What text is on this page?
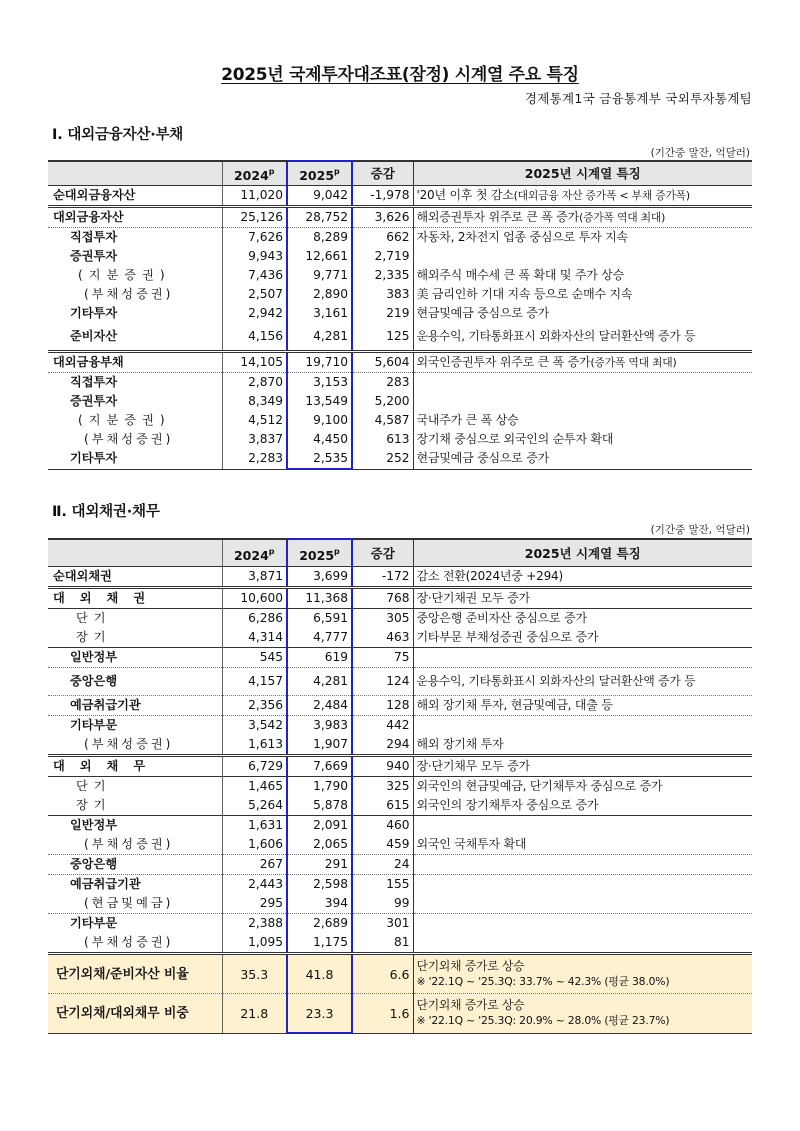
2025년 국제투자대조표(잠정) 시계열 주요 특징
경제통계1국 금융통계부 국외투자통계팀
Ⅰ. 대외금융자산·부채
(기간중 말잔, 억달러)
	2024$^p$	2025$^p$	증감	2025년 시계열 특징
순대외금융자산	11,020	9,042	-1,978	'20년 이후 첫 감소(대외금융 자산 증가폭 < 부채 증가폭)
대외금융자산	25,126	28,752	3,626	해외증권투자 위주로 큰 폭 증가(증가폭 역대 최대)
직접투자	7,626	8,289	662	자동차, 2차전지 업종 중심으로 투자 지속
증권투자	9,943	12,661	2,719	
(지분증권)	7,436	9,771	2,335	해외주식 매수세 큰 폭 확대 및 주가 상승
(부채성증권)	2,507	2,890	383	美 금리인하 기대 지속 등으로 순매수 지속
기타투자	2,942	3,161	219	현금및예금 중심으로 증가
준비자산	4,156	4,281	125	운용수익, 기타통화표시 외화자산의 달러환산액 증가 등
대외금융부채	14,105	19,710	5,604	외국인증권투자 위주로 큰 폭 증가(증가폭 역대 최대)
직접투자	2,870	3,153	283	
증권투자	8,349	13,549	5,200	
(지분증권)	4,512	9,100	4,587	국내주가 큰 폭 상승
(부채성증권)	3,837	4,450	613	장기채 중심으로 외국인의 순투자 확대
기타투자	2,283	2,535	252	현금및예금 중심으로 증가
Ⅱ. 대외채권·채무
(기간중 말잔, 억달러)
	2024$^p$	2025$^p$	증감	2025년 시계열 특징
순대외채권	3,871	3,699	-172	감소 전환(2024년중 +294)
대외채권	10,600	11,368	768	장·단기채권 모두 증가
단기	6,286	6,591	305	중앙은행 준비자산 중심으로 증가
장기	4,314	4,777	463	기타부문 부채성증권 중심으로 증가
일반정부	545	619	75	
중앙은행	4,157	4,281	124	운용수익, 기타통화표시 외화자산의 달러환산액 증가 등
예금취급기관	2,356	2,484	128	해외 장기채 투자, 현금및예금, 대출 등
기타부문	3,542	3,983	442	
(부채성증권)	1,613	1,907	294	해외 장기채 투자
대외채무	6,729	7,669	940	장·단기채무 모두 증가
단기	1,465	1,790	325	외국인의 현금및예금, 단기채투자 중심으로 증가
장기	5,264	5,878	615	외국인의 장기채투자 중심으로 증가
일반정부	1,631	2,091	460	
(부채성증권)	1,606	2,065	459	외국인 국채투자 확대
중앙은행	267	291	24	
예금취급기관	2,443	2,598	155	
(현금및예금)	295	394	99	
기타부문	2,388	2,689	301	
(부채성증권)	1,095	1,175	81	
단기외채/준비자산 비율	35.3	41.8	6.6	단기외채 증가로 상승
※ '22.1Q ~ '25.3Q: 33.7% ~ 42.3% (평균 38.0%)

단기외채/대외채무 비중	21.8	23.3	1.6	단기외채 증가로 상승
※ '22.1Q ~ '25.3Q: 20.9% ~ 28.0% (평균 23.7%)
